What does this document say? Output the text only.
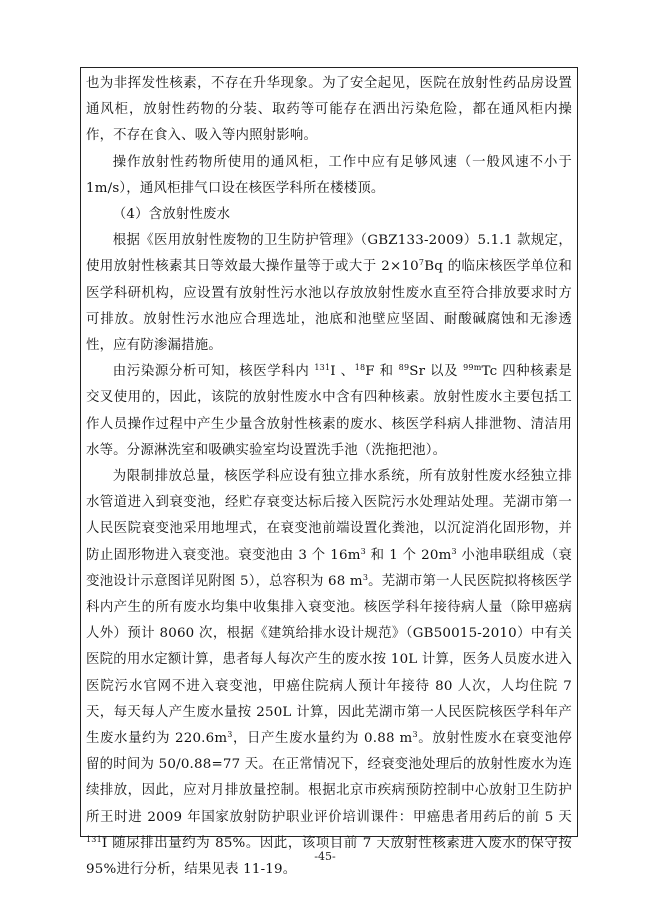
也为非挥发性核素，不存在升华现象。为了安全起见，医院在放射性药品房设置通风柜，放射性药物的分装、取药等可能存在洒出污染危险，都在通风柜内操作，不存在食入、吸入等内照射影响。

操作放射性药物所使用的通风柜，工作中应有足够风速（一般风速不小于 1m/s），通风柜排气口设在核医学科所在楼楼顶。

（4）含放射性废水

根据《医用放射性废物的卫生防护管理》（GBZ133-2009）5.1.1 款规定，使用放射性核素其日等效最大操作量等于或大于 $2\times 10^7Bq$ 的临床核医学单位和医学科研机构，应设置有放射性污水池以存放放射性废水直至符合排放要求时方可排放。放射性污水池应合理选址，池底和池壁应坚固、耐酸碱腐蚀和无渗透性，应有防渗漏措施。

由污染源分析可知，核医学科内 $^{131}$I 、$^{18}$F 和 $^{89}$Sr 以及 $^{99m}$Tc 四种核素是交叉使用的，因此，该院的放射性废水中含有四种核素。放射性废水主要包括工作人员操作过程中产生少量含放射性核素的废水、核医学科病人排泄物、清洁用水等。分源淋洗室和吸碘实验室均设置洗手池（洗拖把池）。

为限制排放总量，核医学科应设有独立排水系统，所有放射性废水经独立排水管道进入到衰变池，经贮存衰变达标后接入医院污水处理站处理。芜湖市第一人民医院衰变池采用地埋式，在衰变池前端设置化粪池，以沉淀消化固形物，并防止固形物进入衰变池。衰变池由 3 个 $16m^3$ 和 1 个 $20m^3$ 小池串联组成（衰变池设计示意图详见附图 5），总容积为 68 $m^3$。芜湖市第一人民医院拟将核医学科内产生的所有废水均集中收集排入衰变池。核医学科年接待病人量（除甲癌病人外）预计 8060 次，根据《建筑给排水设计规范》（GB50015-2010）中有关医院的用水定额计算，患者每人每次产生的废水按 10L 计算，医务人员废水进入医院污水官网不进入衰变池，甲癌住院病人预计年接待 80 人次，人均住院 7 天，每天每人产生废水量按 250L 计算，因此芜湖市第一人民医院核医学科年产生废水量约为 $220.6m^3$，日产生废水量约为 0.88 $m^3$。放射性废水在衰变池停留的时间为 50/0.88=77 天。在正常情况下，经衰变池处理后的放射性废水为连续排放，因此，应对月排放量控制。根据北京市疾病预防控制中心放射卫生防护所王时进 2009 年国家放射防护职业评价培训课件：甲癌患者用药后的前 5 天 $^{131}$I 随尿排出量约为 85%。因此，该项目前 7 天放射性核素进入废水的保守按 95%进行分析，结果见表 11-19。

-45-
